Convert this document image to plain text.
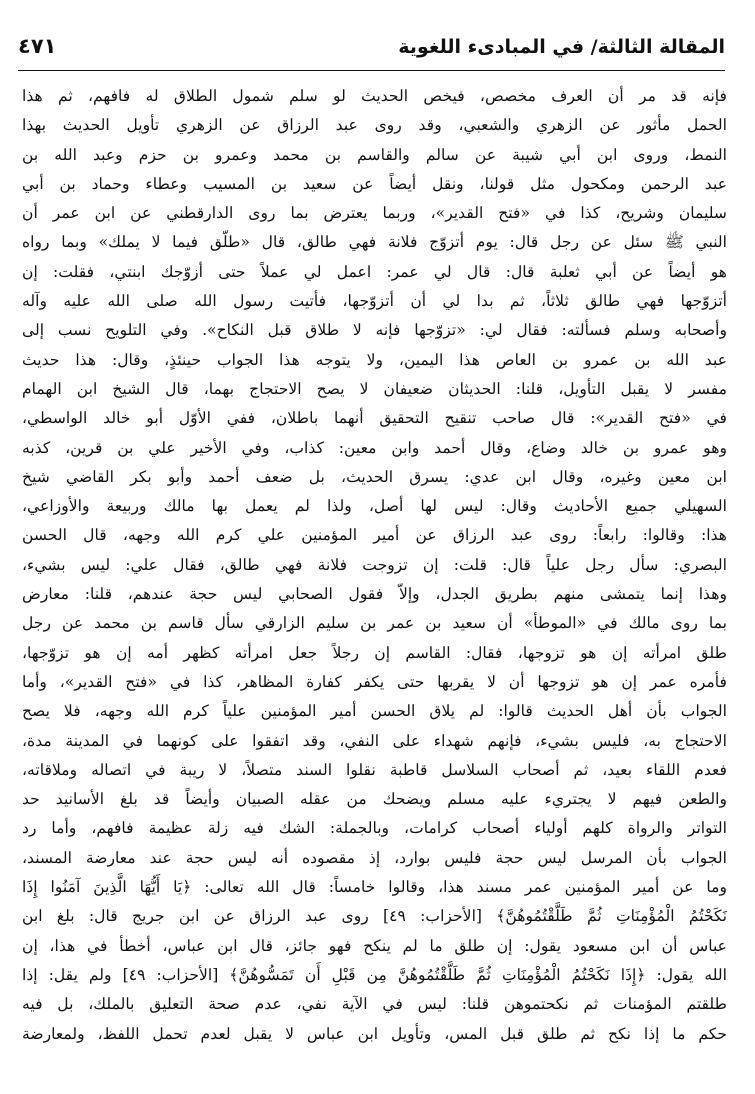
المقالة الثالثة/ في المبادىء اللغوية
٤٧١
فإنه قد مر أن العرف مخصص، فيخص الحديث لو سلم شمول الطلاق له فافهم، ثم هذا
الحمل مأثور عن الزهري والشعبي، وقد روى عبد الرزاق عن الزهري تأويل الحديث بهذا
النمط، وروى ابن أبي شيبة عن سالم والقاسم بن محمد وعمرو بن حزم وعبد الله بن
عبد الرحمن ومكحول مثل قولنا، ونقل أيضاً عن سعيد بن المسيب وعطاء وحماد بن أبي
سليمان وشريح، كذا في «فتح القدير»، وربما يعترض بما روى الدارقطني عن ابن عمر أن
النبي ﷺ سئل عن رجل قال: يوم أتزوّج فلانة فهي طالق، قال «طلّق فيما لا يملك» وبما رواه
هو أيضاً عن أبي ثعلبة قال: قال لي عمر: اعمل لي عملاً حتى أزوّجك ابنتي، فقلت: إن
أتزوّجها فهي طالق ثلاثاً، ثم بدا لي أن أتزوّجها، فأتيت رسول الله صلى الله عليه وآله
وأصحابه وسلم فسألته: فقال لي: «تزوّجها فإنه لا طلاق قبل النكاح». وفي التلويح نسب إلى
عبد الله بن عمرو بن العاص هذا اليمين، ولا يتوجه هذا الجواب حينئذٍ، وقال: هذا حديث
مفسر لا يقبل التأويل، قلنا: الحديثان ضعيفان لا يصح الاحتجاج بهما، قال الشيخ ابن الهمام
في «فتح القدير»: قال صاحب تنقيح التحقيق أنهما باطلان، ففي الأوّل أبو خالد الواسطي،
وهو عمرو بن خالد وضاع، وقال أحمد وابن معين: كذاب، وفي الأخير علي بن قرين، كذبه
ابن معين وغيره، وقال ابن عدي: يسرق الحديث، بل ضعف أحمد وأبو بكر القاضي شيخ
السهيلي جميع الأحاديث وقال: ليس لها أصل، ولذا لم يعمل بها مالك وربيعة والأوزاعي،
هذا: وقالوا: رابعاً: روى عبد الرزاق عن أمير المؤمنين علي كرم الله وجهه، قال الحسن
البصري: سأل رجل علياً قال: قلت: إن تزوجت فلانة فهي طالق، فقال علي: ليس بشيء،
وهذا إنما يتمشى منهم بطريق الجدل، وإلاّ فقول الصحابي ليس حجة عندهم، قلنا: معارض
بما روى مالك في «الموطأ» أن سعيد بن عمر بن سليم الزارقي سأل قاسم بن محمد عن رجل
طلق امرأته إن هو تزوجها، فقال: القاسم إن رجلاً جعل امرأته كظهر أمه إن هو تزوّجها،
فأمره عمر إن هو تزوجها أن لا يقربها حتى يكفر كفارة المظاهر، كذا في «فتح القدير»، وأما
الجواب بأن أهل الحديث قالوا: لم يلاق الحسن أمير المؤمنين علياً كرم الله وجهه، فلا يصح
الاحتجاج به، فليس بشيء، فإنهم شهداء على النفي، وقد اتفقوا على كونهما في المدينة مدة،
فعدم اللقاء بعيد، ثم أصحاب السلاسل قاطبة نقلوا السند متصلاً، لا ريبة في اتصاله وملاقاته،
والطعن فيهم لا يجتريء عليه مسلم ويضحك من عقله الصبيان وأيضاً قد بلغ الأسانيد حد
التواتر والرواة كلهم أولياء أصحاب كرامات، وبالجملة: الشك فيه زلة عظيمة فافهم، وأما رد
الجواب بأن المرسل ليس حجة فليس بوارد، إذ مقصوده أنه ليس حجة عند معارضة المسند،
وما عن أمير المؤمنين عمر مسند هذا، وقالوا خامساً: قال الله تعالى: ﴿يَا أَيُّهَا الَّذِينَ آمَنُوا إِذَا
نَكَحْتُمُ الْمُؤْمِنَاتِ ثُمَّ طَلَّقْتُمُوهُنَّ﴾ [الأحزاب: ٤٩] روى عبد الرزاق عن ابن جريج قال: بلغ ابن
عباس أن ابن مسعود يقول: إن طلق ما لم ينكح فهو جائز، قال ابن عباس، أخطأ في هذا، إن
الله يقول: ﴿إِذَا نَكَحْتُمُ الْمُؤْمِنَاتِ ثُمَّ طَلَّقْتُمُوهُنَّ مِن قَبْلِ أَن تَمَسُّوهُنَّ﴾ [الأحزاب: ٤٩] ولم يقل: إذا
طلقتم المؤمنات ثم نكحتموهن قلنا: ليس في الآية نفي، عدم صحة التعليق بالملك، بل فيه
حكم ما إذا نكح ثم طلق قبل المس، وتأويل ابن عباس لا يقبل لعدم تحمل اللفظ، ولمعارضة
